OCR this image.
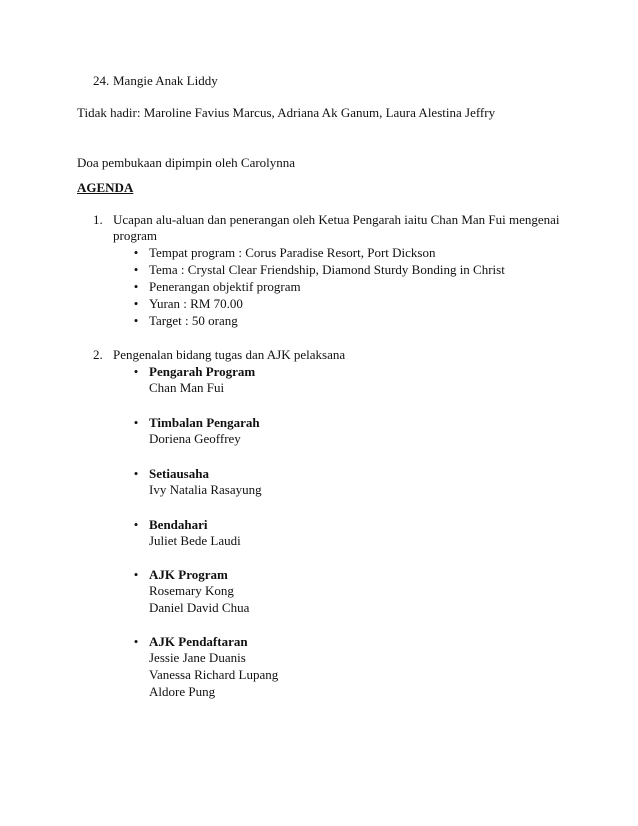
24. Mangie Anak Liddy
Tidak hadir: Maroline Favius Marcus, Adriana Ak Ganum, Laura Alestina Jeffry
Doa pembukaan dipimpin oleh Carolynna
AGENDA
1. Ucapan alu-aluan dan penerangan oleh Ketua Pengarah iaitu Chan Man Fui mengenai
program
• Tempat program : Corus Paradise Resort, Port Dickson
• Tema : Crystal Clear Friendship, Diamond Sturdy Bonding in Christ
• Penerangan objektif program
• Yuran : RM 70.00
• Target : 50 orang
2. Pengenalan bidang tugas dan AJK pelaksana
• Pengarah Program
Chan Man Fui
• Timbalan Pengarah
Doriena Geoffrey
• Setiausaha
Ivy Natalia Rasayung
• Bendahari
Juliet Bede Laudi
• AJK Program
Rosemary Kong
Daniel David Chua
• AJK Pendaftaran
Jessie Jane Duanis
Vanessa Richard Lupang
Aldore Pung
